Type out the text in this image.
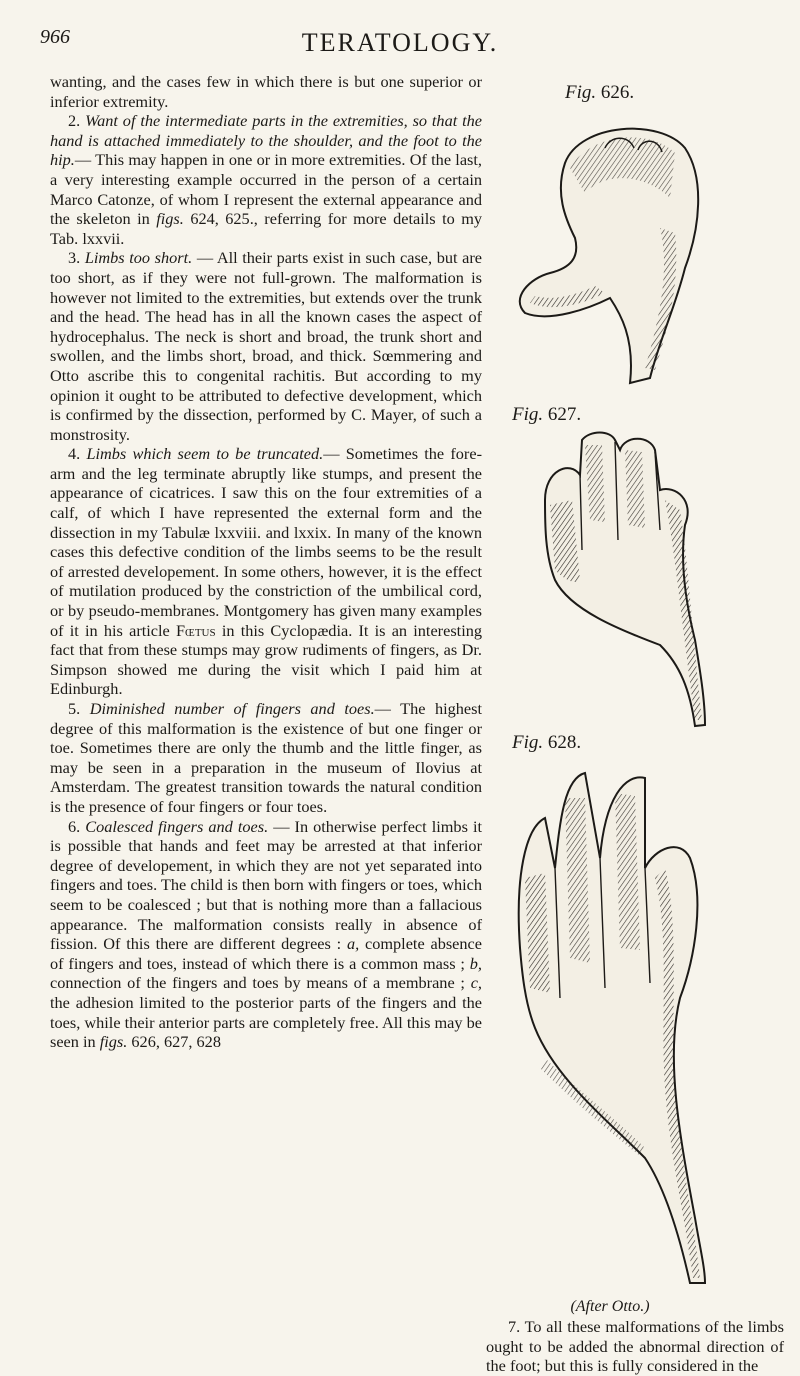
966	TERATOLOGY.

wanting, and the cases few in which there is but one superior or inferior extremity.

2. Want of the intermediate parts in the extremities, so that the hand is attached immediately to the shoulder, and the foot to the hip.— This may happen in one or in more extremities. Of the last, a very interesting example occurred in the person of a certain Marco Catonze, of whom I represent the external appearance and the skeleton in figs. 624, 625., referring for more details to my Tab. lxxvii.

3. Limbs too short. — All their parts exist in such case, but are too short, as if they were not full-grown. The malformation is however not limited to the extremities, but extends over the trunk and the head. The head has in all the known cases the aspect of hydrocephalus. The neck is short and broad, the trunk short and swollen, and the limbs short, broad, and thick. Sœmmering and Otto ascribe this to congenital rachitis. But according to my opinion it ought to be attributed to defective development, which is confirmed by the dissection, performed by C. Mayer, of such a monstrosity.

4. Limbs which seem to be truncated.— Sometimes the fore-arm and the leg terminate abruptly like stumps, and present the appearance of cicatrices. I saw this on the four extremities of a calf, of which I have represented the external form and the dissection in my Tabulæ lxxviii. and lxxix. In many of the known cases this defective condition of the limbs seems to be the result of arrested developement. In some others, however, it is the effect of mutilation produced by the constriction of the umbilical cord, or by pseudo-membranes. Montgomery has given many examples of it in his article Fœtus in this Cyclopædia. It is an interesting fact that from these stumps may grow rudiments of fingers, as Dr. Simpson showed me during the visit which I paid him at Edinburgh.

5. Diminished number of fingers and toes.— The highest degree of this malformation is the existence of but one finger or toe. Sometimes there are only the thumb and the little finger, as may be seen in a preparation in the museum of Ilovius at Amsterdam. The greatest transition towards the natural condition is the presence of four fingers or four toes.

6. Coalesced fingers and toes. — In otherwise perfect limbs it is possible that hands and feet may be arrested at that inferior degree of developement, in which they are not yet separated into fingers and toes. The child is then born with fingers or toes, which seem to be coalesced ; but that is nothing more than a fallacious appearance. The malformation consists really in absence of fission. Of this there are different degrees : a, complete absence of fingers and toes, instead of which there is a common mass ; b, connection of the fingers and toes by means of a membrane ; c, the adhesion limited to the posterior parts of the fingers and the toes, while their anterior parts are completely free. All this may be seen in figs. 626, 627, 628

Fig. 626.
Fig. 627.
Fig. 628.
(After Otto.)

7. To all these malformations of the limbs ought to be added the abnormal direction of the foot; but this is fully considered in the
